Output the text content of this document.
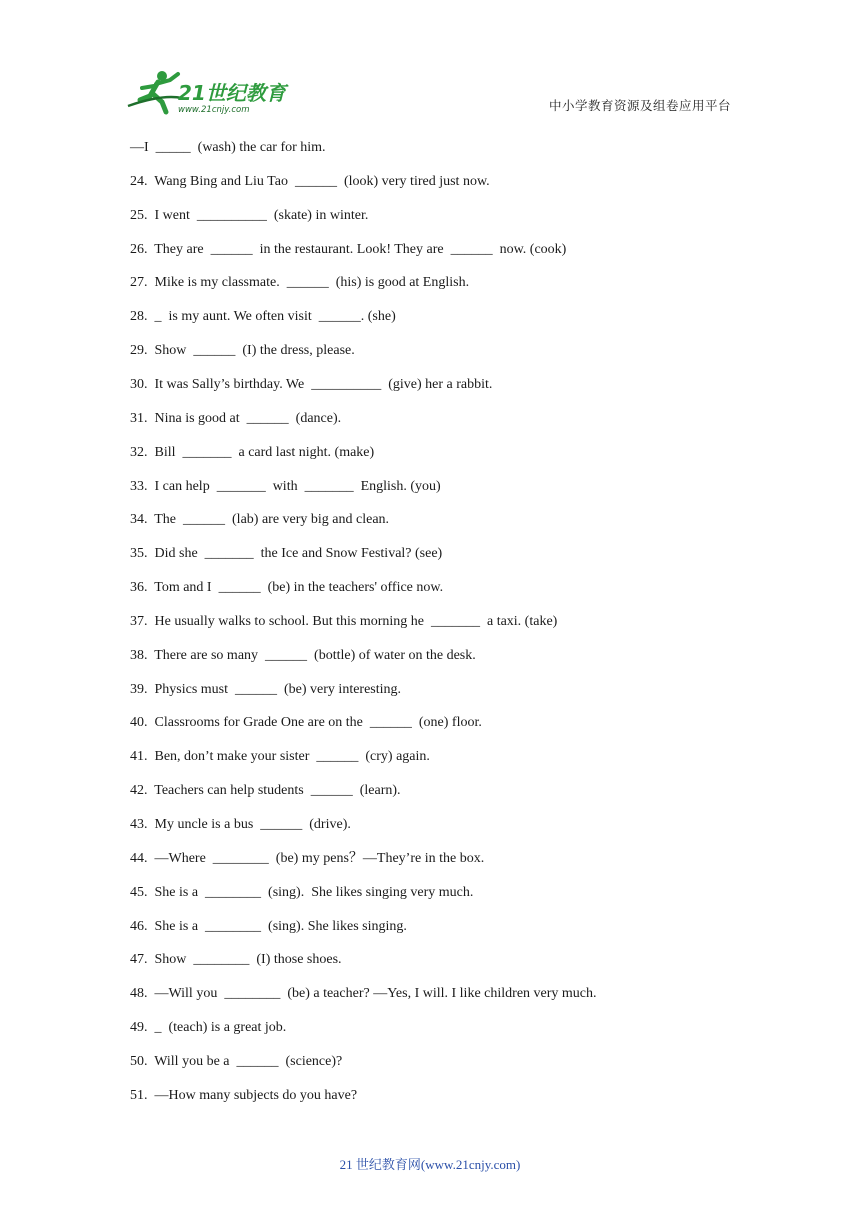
21世纪教育
www.21cnjy.com	中小学教育资源及组卷应用平台
—I  _____  (wash) the car for him.
24.  Wang Bing and Liu Tao  ______  (look) very tired just now.
25.  I went  __________  (skate) in winter.
26.  They are  ______  in the restaurant. Look! They are  ______  now. (cook)
27.  Mike is my classmate.  ______  (his) is good at English.
28.  _  is my aunt. We often visit  ______. (she)
29.  Show  ______  (I) the dress, please.
30.  It was Sally’s birthday. We  __________  (give) her a rabbit.
31.  Nina is good at  ______  (dance).
32.  Bill  _______  a card last night. (make)
33.  I can help  _______  with  _______  English. (you)
34.  The  ______  (lab) are very big and clean.
35.  Did she  _______  the Ice and Snow Festival? (see)
36.  Tom and I  ______  (be) in the teachers' office now.
37.  He usually walks to school. But this morning he  _______  a taxi. (take)
38.  There are so many  ______  (bottle) of water on the desk.
39.  Physics must  ______  (be) very interesting.
40.  Classrooms for Grade One are on the  ______  (one) floor.
41.  Ben, don’t make your sister  ______  (cry) again.
42.  Teachers can help students  ______  (learn).
43.  My uncle is a bus  ______  (drive).
44.  —Where  ________  (be) my pens？—They’re in the box.
45.  She is a  ________  (sing).  She likes singing very much.
46.  She is a  ________  (sing). She likes singing.
47.  Show  ________  (I) those shoes.
48.  —Will you  ________  (be) a teacher? —Yes, I will. I like children very much.
49.  _  (teach) is a great job.
50.  Will you be a  ______  (science)?
51.  —How many subjects do you have?
21 世纪教育网(www.21cnjy.com)
